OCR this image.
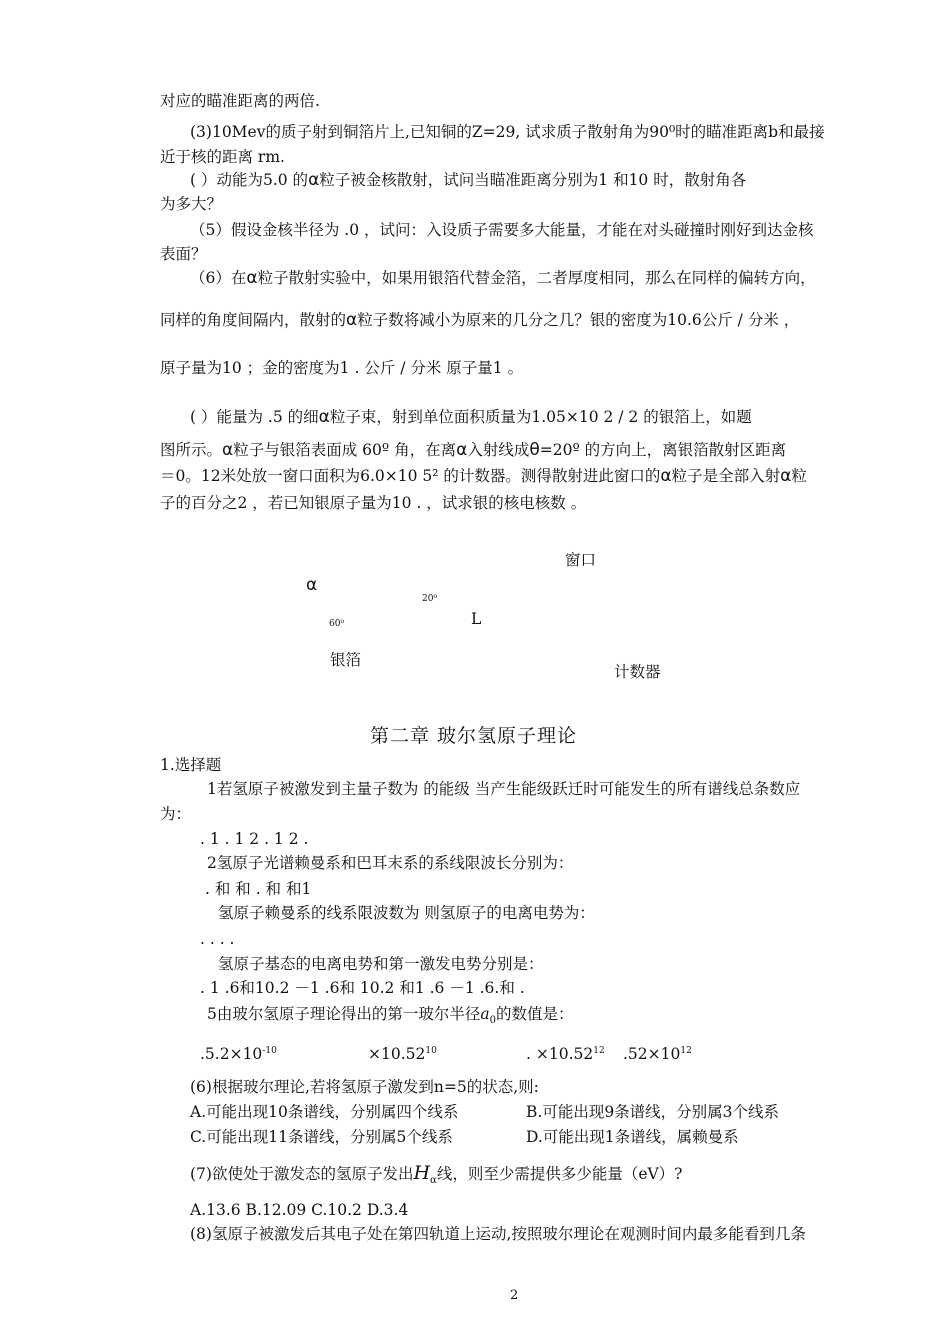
对应的瞄准距离的两倍.
(3)10Mev的质子射到铜箔片上,已知铜的Z=29, 试求质子散射角为90⁰时的瞄准距离b和最接
近于核的距离 rm.
( ）动能为5.0 的α粒子被金核散射，试问当瞄准距离分别为1 和10 时，散射角各
为多大？
（5）假设金核半径为 .0 ，试问：入设质子需要多大能量，才能在对头碰撞时刚好到达金核
表面？
（6）在α粒子散射实验中，如果用银箔代替金箔，二者厚度相同，那么在同样的偏转方向，
同样的角度间隔内，散射的α粒子数将减小为原来的几分之几？银的密度为10.6公斤 / 分米 ，
原子量为10 ；金的密度为1 . 公斤 / 分米 原子量1 。
( ）能量为 .5 的细α粒子束，射到单位面积质量为1.05×10 2 / 2 的银箔上，如题
图所示。α粒子与银箔表面成 60º 角，在离α入射线成θ=20º 的方向上，离银箔散射区距离
＝0。12米处放一窗口面积为6.0×10 5² 的计数器。测得散射进此窗口的α粒子是全部入射α粒
子的百分之2 ，若已知银原子量为10 . ，试求银的核电核数 。
窗口
α
20⁰
L
60⁰
银箔
计数器
第二章 玻尔氢原子理论
1.选择题
1若氢原子被激发到主量子数为 的能级 当产生能级跃迁时可能发生的所有谱线总条数应
为：
. 1 . 1 2 . 1 2 .
2氢原子光谱赖曼系和巴耳末系的系线限波长分别为：
. 和 和 . 和 和1
氢原子赖曼系的线系限波数为 则氢原子的电离电势为：
. . . .
氢原子基态的电离电势和第一激发电势分别是：
. 1 .6和10.2 －1 .6和 10.2 和1 .6 －1 .6.和 .
5由玻尔氢原子理论得出的第一玻尔半径$a_0$的数值是：
$.5.2\times 10^{-10}$	$\times 10.52^{10}$	. $\times 10.52^{12}$ $.52\times 10^{12}$
(6)根据玻尔理论,若将氢原子激发到n=5的状态,则:
A.可能出现10条谱线，分别属四个线系	B.可能出现9条谱线，分别属3个线系
C.可能出现11条谱线，分别属5个线系	D.可能出现1条谱线，属赖曼系
(7)欲使处于激发态的氢原子发出$H_\alpha$线，则至少需提供多少能量（eV）?
A.13.6 B.12.09 C.10.2 D.3.4
(8)氢原子被激发后其电子处在第四轨道上运动,按照玻尔理论在观测时间内最多能看到几条
2
